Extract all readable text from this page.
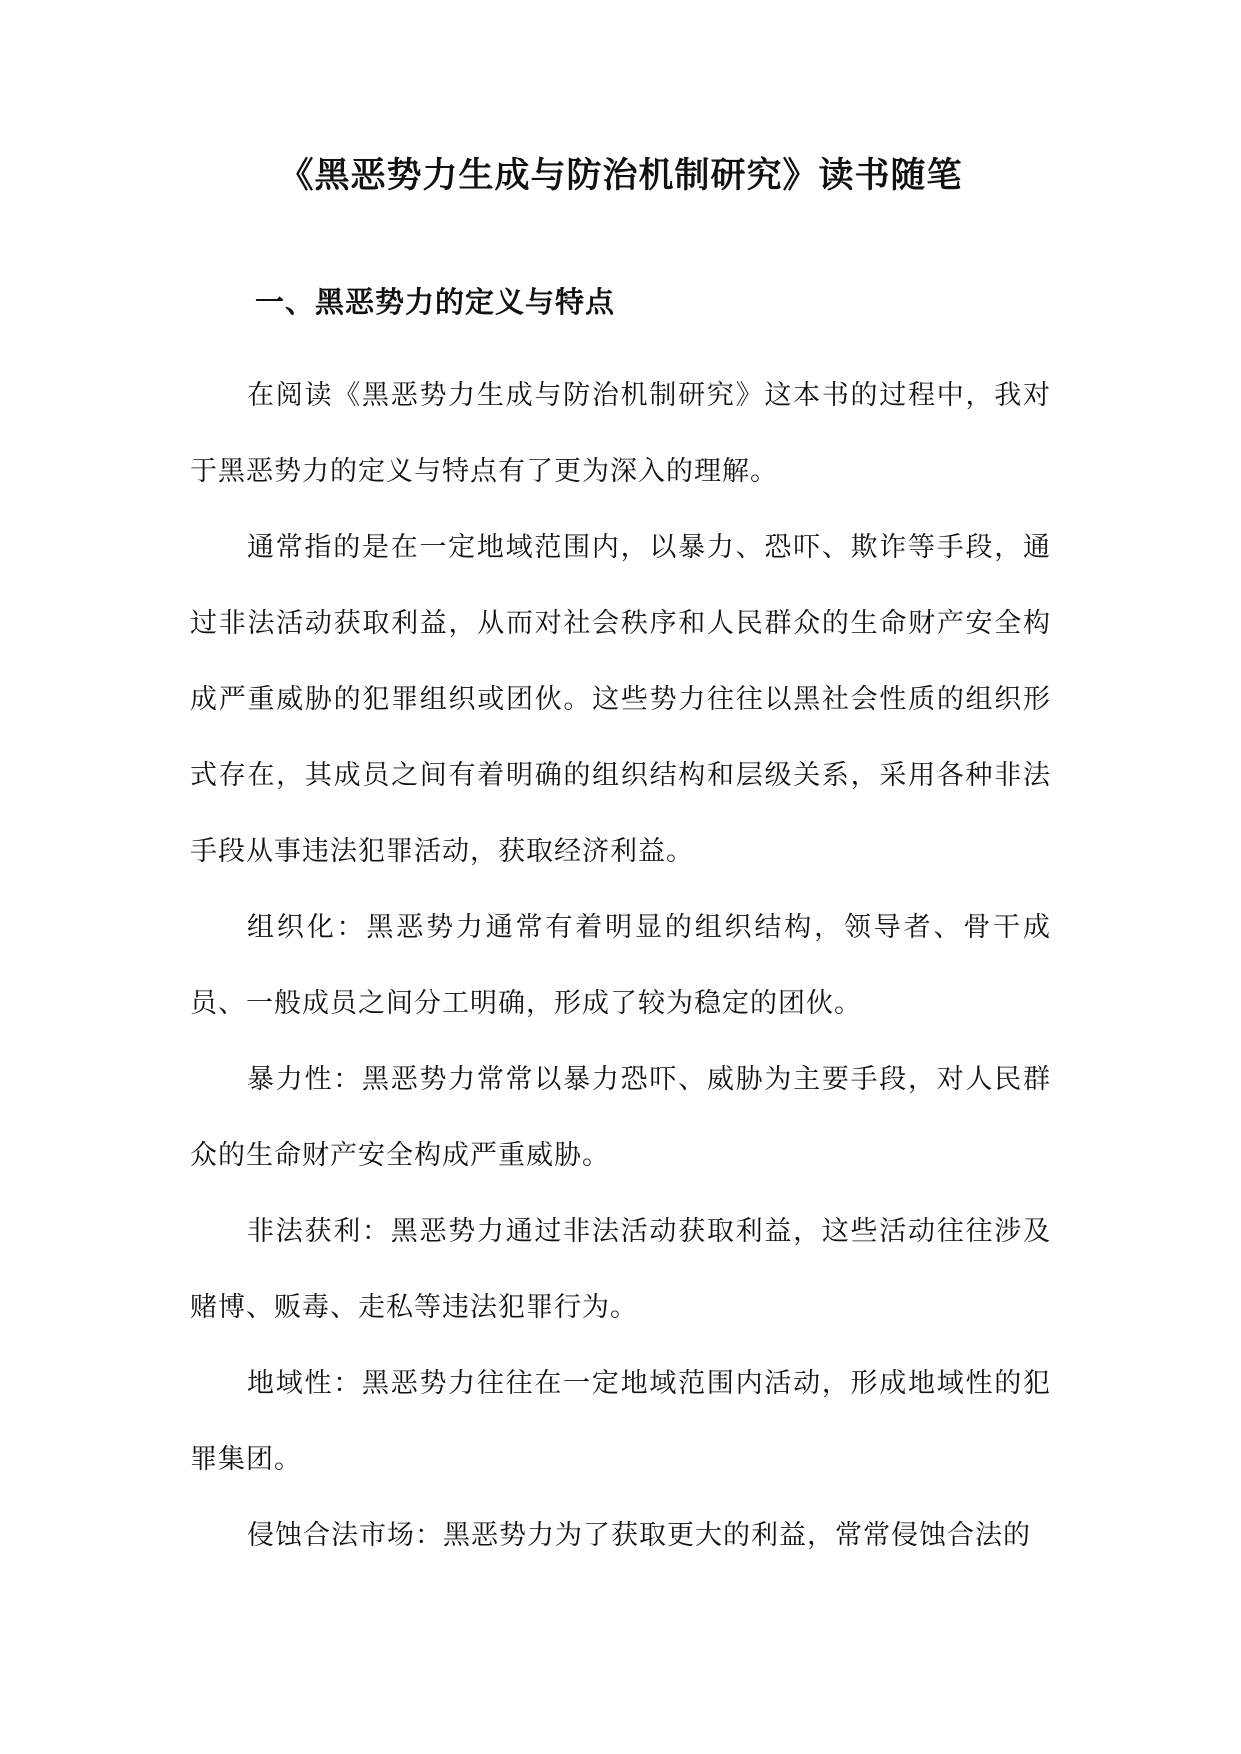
《黑恶势力生成与防治机制研究》读书随笔
一、黑恶势力的定义与特点

在阅读《黑恶势力生成与防治机制研究》这本书的过程中，我对于黑恶势力的定义与特点有了更为深入的理解。

通常指的是在一定地域范围内，以暴力、恐吓、欺诈等手段，通过非法活动获取利益，从而对社会秩序和人民群众的生命财产安全构成严重威胁的犯罪组织或团伙。这些势力往往以黑社会性质的组织形式存在，其成员之间有着明确的组织结构和层级关系，采用各种非法手段从事违法犯罪活动，获取经济利益。

组织化：黑恶势力通常有着明显的组织结构，领导者、骨干成员、一般成员之间分工明确，形成了较为稳定的团伙。

暴力性：黑恶势力常常以暴力恐吓、威胁为主要手段，对人民群众的生命财产安全构成严重威胁。

非法获利：黑恶势力通过非法活动获取利益，这些活动往往涉及赌博、贩毒、走私等违法犯罪行为。

地域性：黑恶势力往往在一定地域范围内活动，形成地域性的犯罪集团。

侵蚀合法市场：黑恶势力为了获取更大的利益，常常侵蚀合法的
